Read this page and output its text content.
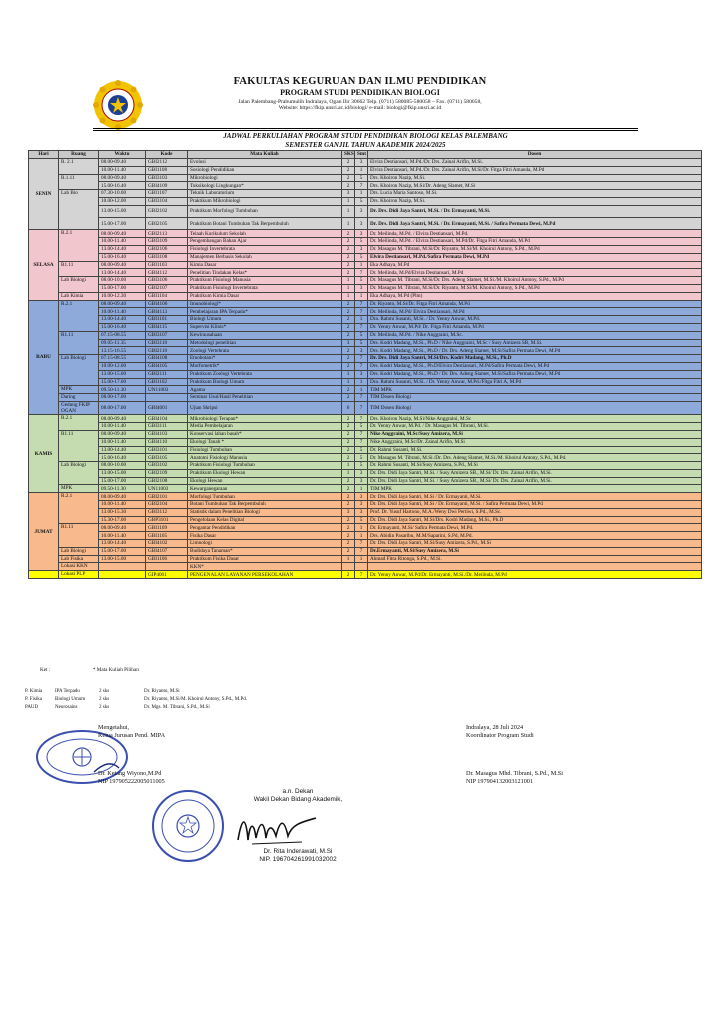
FAKULTAS KEGURUAN DAN ILMU PENDIDIKAN
PROGRAM STUDI PENDIDIKAN BIOLOGI
Jalan Palembang-Prabumulih Indralaya, Ogan Ilir 30662 Telp. (0711) 580085-580058 – Fax. (0711) 580058,
Website: https://fkip.unsri.ac.id/biologi/ e-mail: biologi@fkip.unsri.ac.id
JADWAL PERKULIAHAN PROGRAM STUDI PENDIDIKAN BIOLOGI KELAS PALEMBANG
SEMESTER GANJIL TAHUN AKADEMIK 2024/2025
Hari	Ruang	Waktu	Kode	Mata Kuliah	SKS	Smt	Dosen
SENIN	R. 2.1	08.00-09.40	GBI2112	Evolusi	2	3	Elvira Destiansari, M.Pd./Dr. Drs. Zainal Arifin, M.Si.
		10.00-11.40	GBI1108	Sosiologi Pendidikan	2	1	Elvira Destiansari, M.Pd./Dr. Drs. Zainal Arifin, M.Si/Dr. Fitga Fitri Amanda, M.Pd
	R.1.11	08.00-09.40	GBI3103	Mikrobiologi	2	5	Drs. Khoiron Nazip, M.Si.
		15.00-16.40	GBI4109	Toksikologi Lingkungan*	2	7	Drs. Khoiron Nazip, M.Si/Dr. Adeng Slamet, M.Si
	Lab Bio	07.30-10.00	GBI1107	Teknik Laboratorium	3	1	Drs. Lucia Maria Santoso, M.Si.
		10.00-12.00	GBI3104	Praktikum Mikrobiologi	1	5	Drs. Khoiron Nazip, M.Si.
		13.00-15.00	GBI2102	Praktikum Morfologi Tumbuhan	1	3	Dr. Drs. Didi Jaya Santri, M.Si. / Dr. Ermayanti, M.Si.
		15.00-17.00	GBI2105	Praktikum Botani Tumbuhan Tak Berpembuluh	1	3	Dr. Drs. Didi Jaya Santri, M.Si. / Dr. Ermayanti, M.Si. / Safira Permata Dewi, M.Pd
SELASA	R.2.1	08.00-09.40	GBI2113	Telaah Kurikulum Sekolah	2	3	Dr. Meilinda, M.Pd. / Elvira Destiansari, M.Pd.
		10.00-11.40	GBI3109	Pengembangan Bahan Ajar	2	5	Dr. Meilinda, M.Pd. / Elvira Destiansari, M.Pd/Dr. Fitga Fitri Amanda, M.Pd
		13.00-14.40	GBI2106	Fisiologi Invertebrata	2	3	Dr. Masagus M. Tibrani, M.Si/Dr. Riyanto, M.Si/M. Khoirul Antony, S.Pd., M.Pd
		15.00-16.40	GBI3108	Manajemen Berbasis Sekolah	2	5	Elvira Destiansari, M.Pd./Safira Permata Dewi, M.Pd
	R1.11	08.00-09.40	GBI1103	Kimia Dasar	2	1	Eka Adhaya, M.Pd
		13.00-14.40	GBI4112	Penelitian Tindakan Kelas*	2	7	Dr. Meilinda, M.Pd/Elvira Destiansari, M.Pd
	Lab Biologi	08.00-10.00	GBI3106	Praktikum Fisiologi Manusia	1	5	Dr. Masagus M. Tibrani, M.Si/Dr. Drs. Adeng Slamet, M.Si./M. Khoirul Antony, S.Pd., M.Pd
		15.00-17.00	GBI2107	Praktikum Fisiologi Invertebrata	1	3	Dr. Masagus M. Tibrani, M.Si/Dr. Riyanto, M.Si/M. Khoirul Antony, S.Pd., M.Pd
	Lab Kimia	10.00-12.30	GBI1104	Praktikum Kimia Dasar	1	1	Eka Adhaya, M.Pd (Plm)
RABU	R.2.1	08.00-09.40	GBI4106	Imunobiologi*	2	7	Dr. Riyanto, M.Si/Dr. Fitga Fitri Amanda, M.Pd
		10.00-11.40	GBI4113	Pembelajaran IPA Terpadu*	2	7	Dr. Meilinda, M.Pd/ Elvira Destiansari, M.Pd
		13.00-14.40	GBI1101	Biologi Umum	2	1	Dra. Rahmi Susanti, M.Si. / Dr. Yenny Anwar, M.Pd.
		15.00-16.40	GBI4115	Supervisi Klinis*	2	7	Dr. Yenny Anwar, M.Pd/ Dr. Fitga Fitri Amanda, M.Pd
	R1.11	07.15-08.55	GBI3107	Kewirausahaan	2	5	Dr. Meilinda, M.Pd. / Nike Anggraini, M.Sc.
		09.05-11.35	GBI3110	Metodologi penelitian	3	5	Drs. Kodri Madang, M.Si., Ph.D / Nike Anggraini, M.Sc / Susy Amizera SB, M.Si.
		13.15-16.55	GBI2110	Zoologi Vertebrata	2	3	Drs. Kodri Madang, M.Si., Ph.D / Dr. Drs. Adeng Slamet, M.Si/Safira Permata Dewi, M.Pd
	Lab Biologi	07.15-08.55	GBI4108	Etnobotani*	2	7	Dr. Drs. Didi Jaya Santri, M.Si/Drs. Kodri Madang, M.Si., Ph.D
		10.00-12.00	GBI4105	Morfometrik*	2	7	Drs. Kodri Madang, M.Si., Ph.D/Elvira Destiansari, M.Pd/Safira Permata Dewi, M.Pd
		13.00-15.00	GBI2111	Praktikum Zoologi Vertebrata	1	3	Drs. Kodri Madang, M.Si., Ph.D / Dr. Drs. Adeng Slamet, M.Si/Safira Permata Dewi, M.Pd
		15.00-17.00	GBI1102	Praktikum Biologi Umum	1	1	Dra. Rahmi Susanti, M.Si. / Dr. Yenny Anwar, M.Pd./Fitga Fitri A, M.Pd
	MPK	09.50-11.30	UN11003	Agama	2	1	TIM MPK
	Daring	08.00-17.00		Seminar Usul/Hasil Penelitian	2	7	TIM Dosen Biologi
	Gedung FKIP OGAN	08.00-17.00	GBI4001	Ujian Skripsi	6	7	TIM Dosen Biologi
KAMIS	R.2.1	08.00-09.40	GBI4104	Mikrobiologi Terapan*	2	7	Drs. Khoiron Nazip, M.Si/Nike Anggraini, M.Sc
		10.00-11.40	GBI3111	Media Pembelajaran	2	5	Dr. Yenny Anwar, M.Pd. / Dr. Masagus M. Tibrani, M.Si.
	R1.11	08.00-09.40	GBI4103	Konservasi lahan basah*	2	7	Nike Anggraini, M.Sc/Susy Amizera, M.Si
		10.00-11.40	GBI4110	Ekologi Tanah *	2	7	Nike Anggraini, M.Sc/Dr. Zainal Arifin, M.Si
		13.00-14.40	GBI3101	Fisiologi Tumbuhan	2	5	Dr. Rahmi Susanti, M.Si.
		15.00-16.40	GBI3105	Anatomi Fisiologi Manusia	2	5	Dr. Masagus M. Tibrani, M.Si./Dr. Drs. Adeng Slamet, M.Si./M. Khoirul Antony, S.Pd., M.Pd.
	Lab Biologi	08.00-10.00	GBI3102	Praktikum Fisiologi Tumbuhan	1	5	Dr. Rahmi Susanti, M.Si/Susy Amizera, S.Pd., M.Si
		13.00-15.00	GBI2109	Praktikum Ekologi Hewan	1	3	Dr. Drs. Didi Jaya Santri, M.Si. / Susy Amizera SB., M.Si/ Dr. Drs. Zainal Arifin, M.Si.
		15.00-17.00	GBI2108	Ekologi Hewan	2	3	Dr. Drs. Didi Jaya Santri, M.Si. / Susy Amizera SB., M.Si/ Dr. Drs. Zainal Arifin, M.Si.
	MPK	09.50-11.30	UN11003	Kewarganegaraan	2	1	TIM MPK
JUMAT	R.2.1	08.00-09.40	GBI2101	Morfologi Tumbuhan	2	3	Dr. Drs. Didi Jaya Santri, M.Si / Dr. Ermayanti, M.Si.
		10.00-11.40	GBI2104	Botani Tumbuhan Tak Berpembuluh	2	3	Dr. Drs. Didi Jaya Santri, M.Si / Dr. Ermayanti, M.Si. / Safira Permata Dewi, M.Pd
		13.00-15.30	GBI3112	Statistik dalam Penelitian Biologi	3	3	Prof. Dr. Yusuf Hartono, M.A./Weny Dwi Pertiwi, S.Pd., M.Sc.
		15.30-17.00	GBP3101	Pengelolaan Kelas Digital	2	5	Dr. Drs. Didi Jaya Santri, M.Si/Drs. Kodri Madang, M.Si., Ph.D
	R1.11	08.00-09.40	GBI1109	Pengantar Pendidikan	2	1	Dr. Ermayanti, M.Si/ Safira Permata Dewi, M.Pd.
		10.00-11.40	GBI1105	Fisika Dasar	2	1	Drs. Abidin Pasaribu, M.M/Saparini, S.Pd, M.Pd.
		13.00-14.40	GBI4102	Limnologi	2	7	Dr. Drs. Didi Jaya Santri, M.Si/Susy Amizera, S.Pd., M.Si
	Lab Biologi	15.00-17.00	GBI4107	Budidaya Tanaman*	2	7	Dr.Ermayanti, M.Si/Susy Amizera, M.Si
	Lab Fisika	13.00-15.00	GBI1106	Praktikum Fisika Dasar	1	1	Ahmad Fitra Ritonga, S.Pd., M.Si.
	Lokasi KKN			KKN*			
	Lokasi PLP		GIP4001	PENGENALAN LAYANAN PERSEKOLAHAN	2	7	Dr. Yenny Anwar, M.Pd/Dr. Ermayanti, M.Si./Dr. Meilinda, M.Pd
Ket :	* Mata Kuliah Pilihan
P. Kimia	IPA Terpadu	2 sks	Dr. Riyanto, M.Si
P. Fisika	Biologi Umum	2 sks	Dr. Riyanto, M.Si/M. Khoirul Antony, S.Pd., M.Pd.
PAUD	Neurosains	2 sks	Dr. Mgs. M. Tibrani, S.Pd., M.Si
Mengetahui,
Ketua Jurusan Pend. MIPA
Dr. Ketang Wiyono,M.Pd
NIP 197905222005011005
Indralaya, 28 Juli 2024
Koordinator Program Studi
Dr. Masagus Mhd. Tibrani, S.Pd., M.Si
NIP 197904132003121001
a.n. Dekan
Wakil Dekan Bidang Akademik,
Dr. Rita Inderawati, M.Si
NIP. 196704261991032002
